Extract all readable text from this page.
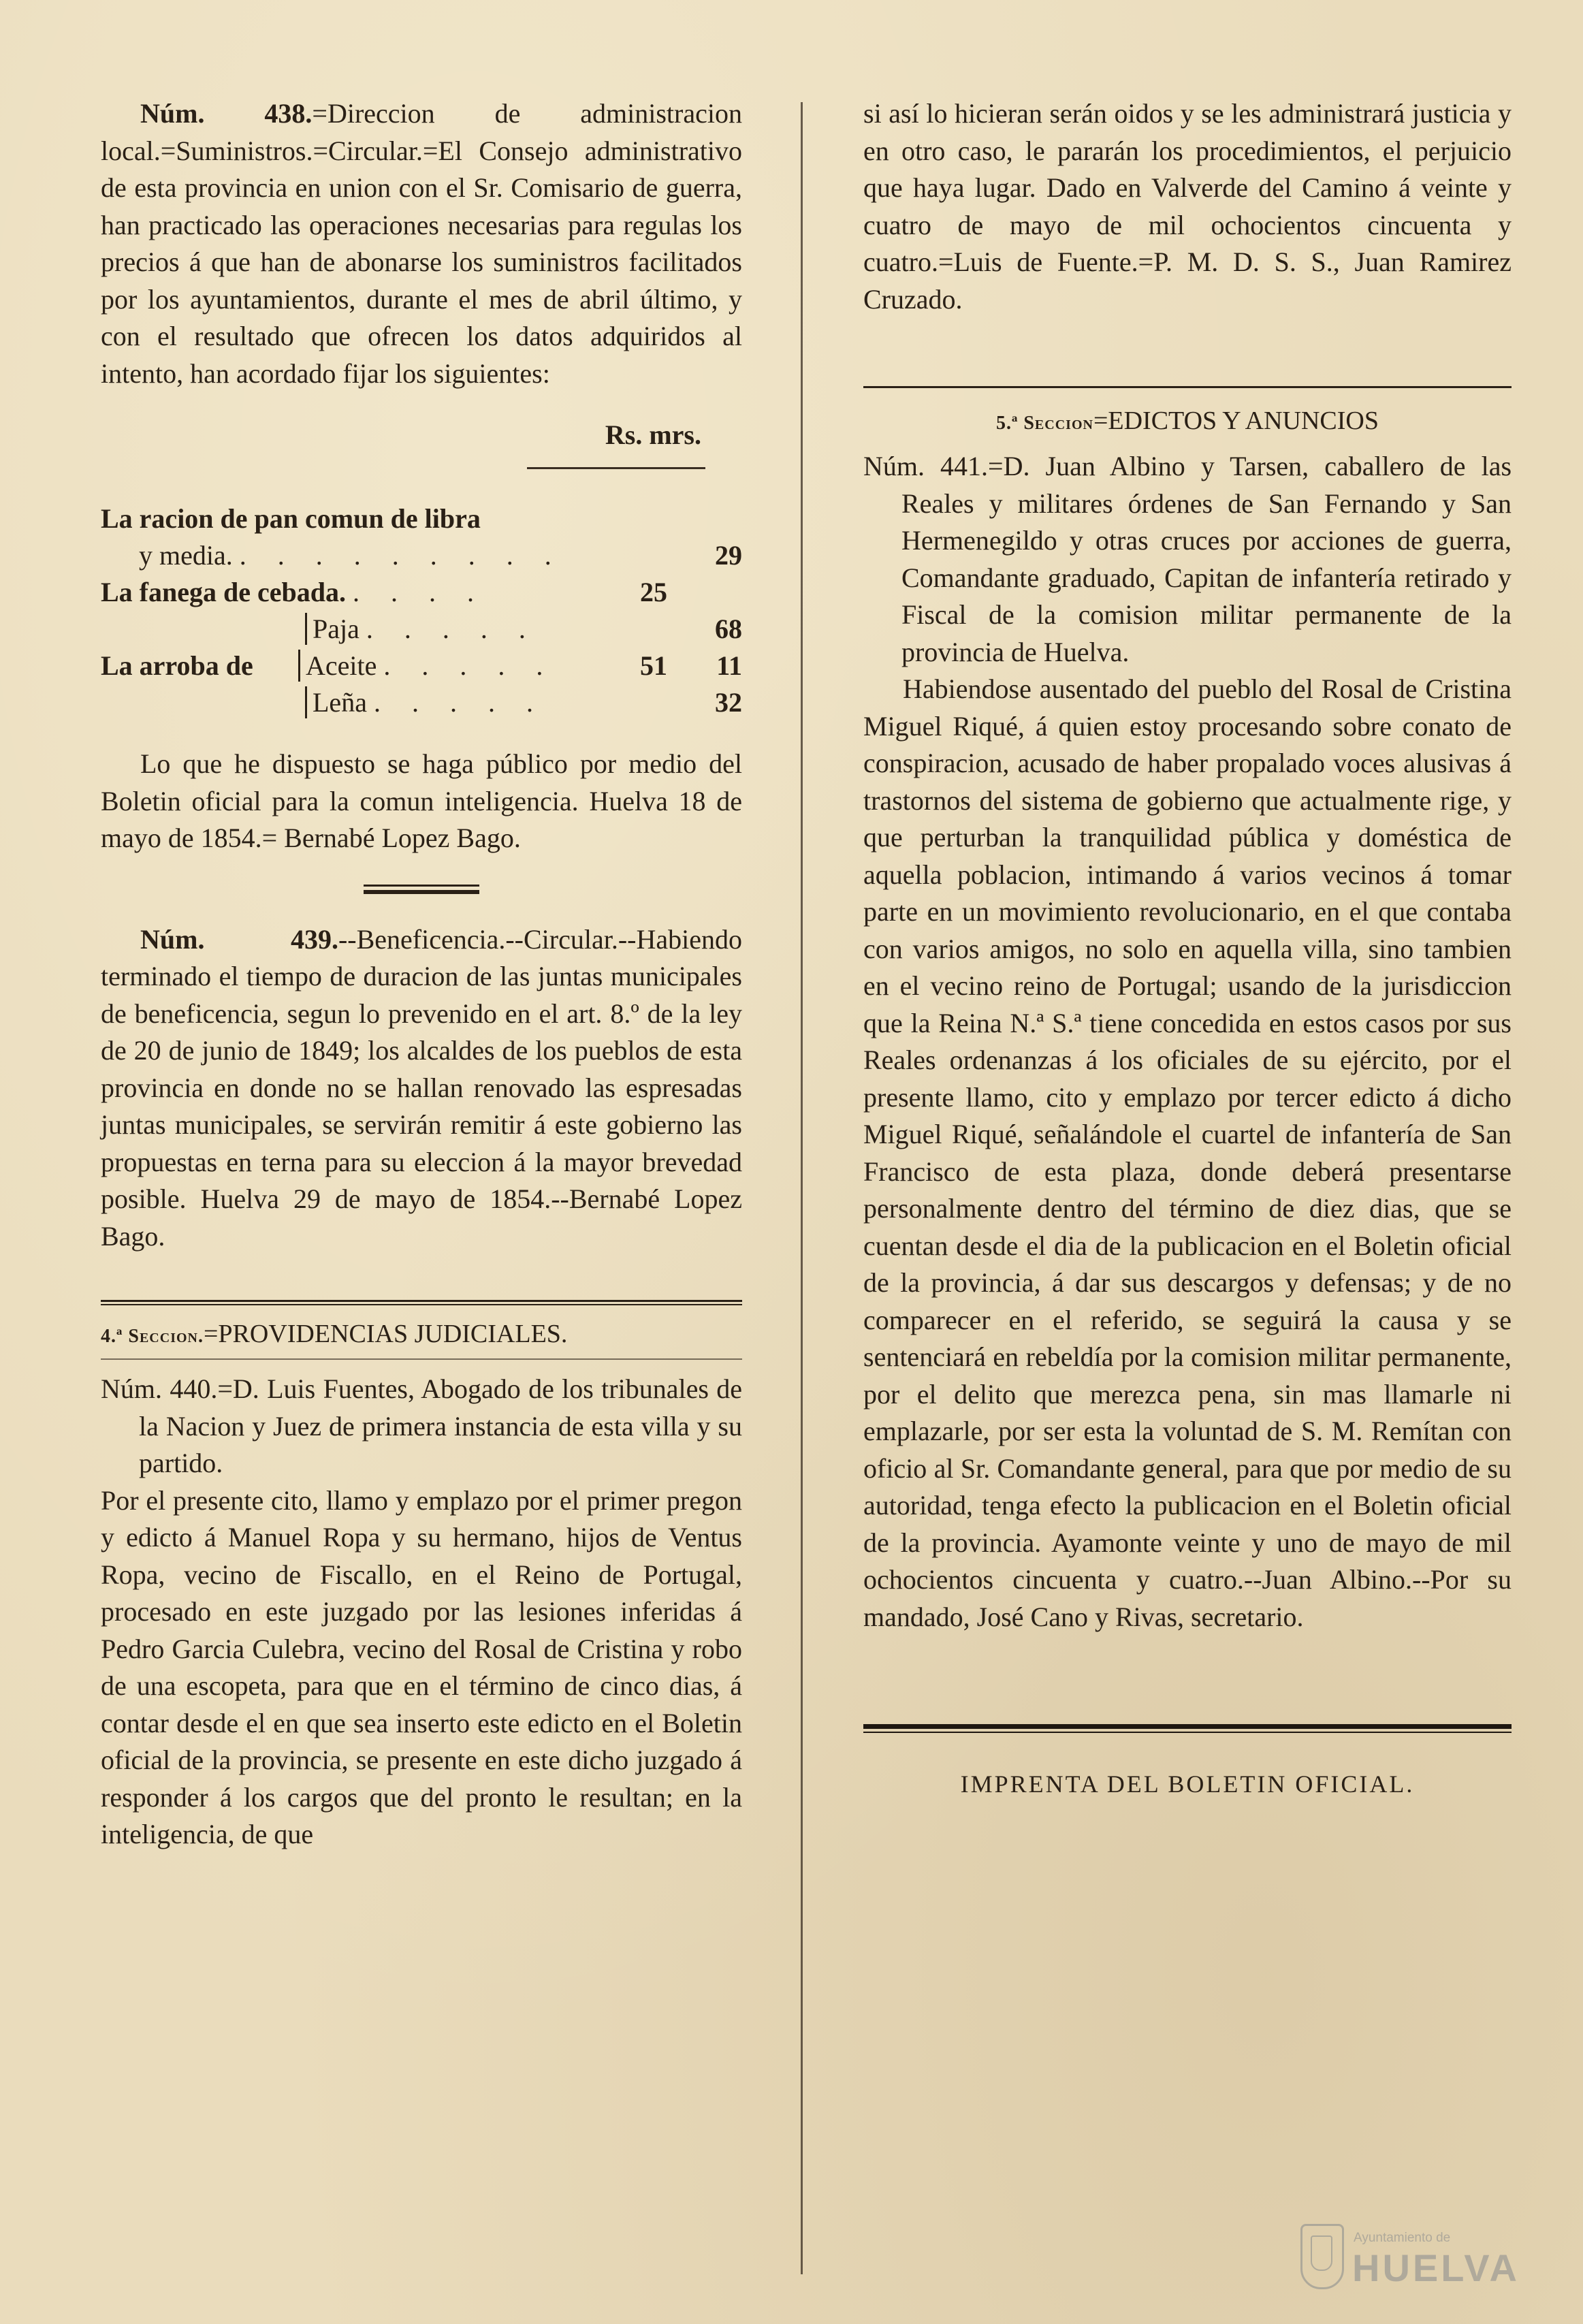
Núm. 438.=Direccion de administracion local.=Suministros.=Circular.=El Consejo administrativo de esta provincia en union con el Sr. Comisario de guerra, han practicado las operaciones necesarias para regulas los precios á que han de abonarse los suministros facilitados por los ayuntamientos, durante el mes de abril último, y con el resultado que ofrecen los datos adquiridos al intento, han acordado fijar los siguientes:

Rs. mrs.
La racion de pan comun de libra		
y media. . . . . . . . . .		29
La fanega de cebada. . . . .	25	
Paja . . . . .		68
La arroba de Aceite . . . . .	51	11
Leña . . . . .		32

Lo que he dispuesto se haga público por medio del Boletin oficial para la comun inteligencia. Huelva 18 de mayo de 1854.= Bernabé Lopez Bago.

Núm. 439.--Beneficencia.--Circular.--Habiendo terminado el tiempo de duracion de las juntas municipales de beneficencia, segun lo prevenido en el art. 8.º de la ley de 20 de junio de 1849; los alcaldes de los pueblos de esta provincia en donde no se hallan renovado las espresadas juntas municipales, se servirán remitir á este gobierno las propuestas en terna para su eleccion á la mayor brevedad posible. Huelva 29 de mayo de 1854.--Bernabé Lopez Bago.

4.ª Seccion. =PROVIDENCIAS JUDICIALES.

Núm. 440.=D. Luis Fuentes, Abogado de los tribunales de la Nacion y Juez de primera instancia de esta villa y su partido.

Por el presente cito, llamo y emplazo por el primer pregon y edicto á Manuel Ropa y su hermano, hijos de Ventus Ropa, vecino de Fiscallo, en el Reino de Portugal, procesado en este juzgado por las lesiones inferidas á Pedro Garcia Culebra, vecino del Rosal de Cristina y robo de una escopeta, para que en el término de cinco dias, á contar desde el en que sea inserto este edicto en el Boletin oficial de la provincia, se presente en este dicho juzgado á responder á los cargos que del pronto le resultan; en la inteligencia, de que

si así lo hicieran serán oidos y se les administrará justicia y en otro caso, le pararán los procedimientos, el perjuicio que haya lugar. Dado en Valverde del Camino á veinte y cuatro de mayo de mil ochocientos cincuenta y cuatro.=Luis de Fuente.=P. M. D. S. S., Juan Ramirez Cruzado.

5.ª Seccion =EDICTOS Y ANUNCIOS

Núm. 441.=D. Juan Albino y Tarsen, caballero de las Reales y militares órdenes de San Fernando y San Hermenegildo y otras cruces por acciones de guerra, Comandante graduado, Capitan de infantería retirado y Fiscal de la comision militar permanente de la provincia de Huelva.

Habiendose ausentado del pueblo del Rosal de Cristina Miguel Riqué, á quien estoy procesando sobre conato de conspiracion, acusado de haber propalado voces alusivas á trastornos del sistema de gobierno que actualmente rige, y que perturban la tranquilidad pública y doméstica de aquella poblacion, intimando á varios vecinos á tomar parte en un movimiento revolucionario, en el que contaba con varios amigos, no solo en aquella villa, sino tambien en el vecino reino de Portugal; usando de la jurisdiccion que la Reina N.ª S.ª tiene concedida en estos casos por sus Reales ordenanzas á los oficiales de su ejército, por el presente llamo, cito y emplazo por tercer edicto á dicho Miguel Riqué, señalándole el cuartel de infantería de San Francisco de esta plaza, donde deberá presentarse personalmente dentro del término de diez dias, que se cuentan desde el dia de la publicacion en el Boletin oficial de la provincia, á dar sus descargos y defensas; y de no comparecer en el referido, se seguirá la causa y se sentenciará en rebeldía por la comision militar permanente, por el delito que merezca pena, sin mas llamarle ni emplazarle, por ser esta la voluntad de S. M. Remítan con oficio al Sr. Comandante general, para que por medio de su autoridad, tenga efecto la publicacion en el Boletin oficial de la provincia. Ayamonte veinte y uno de mayo de mil ochocientos cincuenta y cuatro.--Juan Albino.--Por su mandado, José Cano y Rivas, secretario.

IMPRENTA DEL BOLETIN OFICIAL.
Ayuntamiento de
HUELVA
